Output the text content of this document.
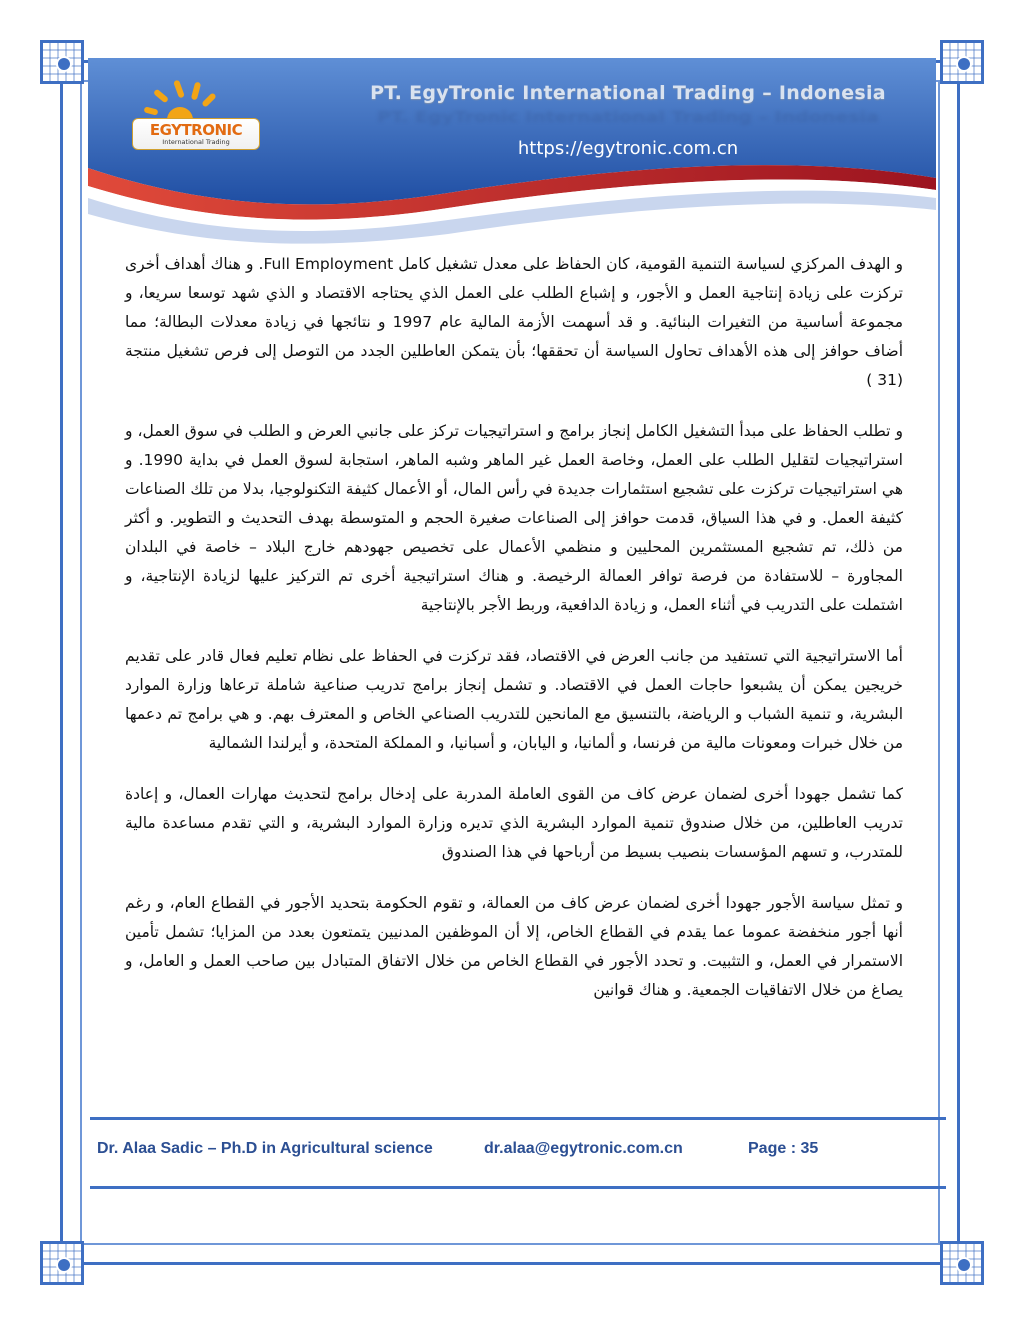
EGYTRONIC
International Trading
PT. EgyTronic International Trading – Indonesia
PT. EgyTronic International Trading – Indonesia
https://egytronic.com.cn

و الهدف المركزي لسياسة التنمية القومية، كان الحفاظ على معدل تشغيل كامل Full Employment. و هناك أهداف أخرى تركزت على زيادة إنتاجية العمل و الأجور، و إشباع الطلب على العمل الذي يحتاجه الاقتصاد و الذي شهد توسعا سريعا، و مجموعة أساسية من التغيرات البنائية. و قد أسهمت الأزمة المالية عام 1997 و نتائجها في زيادة معدلات البطالة؛ مما أضاف حوافز إلى هذه الأهداف تحاول السياسة أن تحققها؛ بأن يتمكن العاطلين الجدد من التوصل إلى فرص تشغيل منتجة (31 )

و تطلب الحفاظ على مبدأ التشغيل الكامل إنجاز برامج و استراتيجيات تركز على جانبي العرض و الطلب في سوق العمل، و استراتيجيات لتقليل الطلب على العمل، وخاصة العمل غير الماهر وشبه الماهر، استجابة لسوق العمل في بداية 1990. و هي استراتيجيات تركزت على تشجيع استثمارات جديدة في رأس المال، أو الأعمال كثيفة التكنولوجيا، بدلا من تلك الصناعات كثيفة العمل. و في هذا السياق، قدمت حوافز إلى الصناعات صغيرة الحجم و المتوسطة بهدف التحديث و التطوير. و أكثر من ذلك، تم تشجيع المستثمرين المحليين و منظمي الأعمال على تخصيص جهودهم خارج البلاد – خاصة في البلدان المجاورة – للاستفادة من فرصة توافر العمالة الرخيصة. و هناك استراتيجية أخرى تم التركيز عليها لزيادة الإنتاجية، و اشتملت على التدريب في أثناء العمل، و زيادة الدافعية، وربط الأجر بالإنتاجية

أما الاستراتيجية التي تستفيد من جانب العرض في الاقتصاد، فقد تركزت في الحفاظ على نظام تعليم فعال قادر على تقديم خريجين يمكن أن يشبعوا حاجات العمل في الاقتصاد. و تشمل إنجاز برامج تدريب صناعية شاملة ترعاها وزارة الموارد البشرية، و تنمية الشباب و الرياضة، بالتنسيق مع المانحين للتدريب الصناعي الخاص و المعترف بهم. و هي برامج تم دعمها من خلال خبرات ومعونات مالية من فرنسا، و ألمانيا، و اليابان، و أسبانيا، و المملكة المتحدة، و أيرلندا الشمالية

كما تشمل جهودا أخرى لضمان عرض كاف من القوى العاملة المدربة على إدخال برامج لتحديث مهارات العمال، و إعادة تدريب العاطلين، من خلال صندوق تنمية الموارد البشرية الذي تديره وزارة الموارد البشرية، و التي تقدم مساعدة مالية للمتدرب، و تسهم المؤسسات بنصيب بسيط من أرباحها في هذا الصندوق

و تمثل سياسة الأجور جهودا أخرى لضمان عرض كاف من العمالة، و تقوم الحكومة بتحديد الأجور في القطاع العام، و رغم أنها أجور منخفضة عموما عما يقدم في القطاع الخاص، إلا أن الموظفين المدنيين يتمتعون بعدد من المزايا؛ تشمل تأمين الاستمرار في العمل، و التثبيت. و تحدد الأجور في القطاع الخاص من خلال الاتفاق المتبادل بين صاحب العمل و العامل، و يصاغ من خلال الاتفاقيات الجمعية. و هناك قوانين

Dr. Alaa Sadic – Ph.D in Agricultural science	dr.alaa@egytronic.com.cn	Page : 35
